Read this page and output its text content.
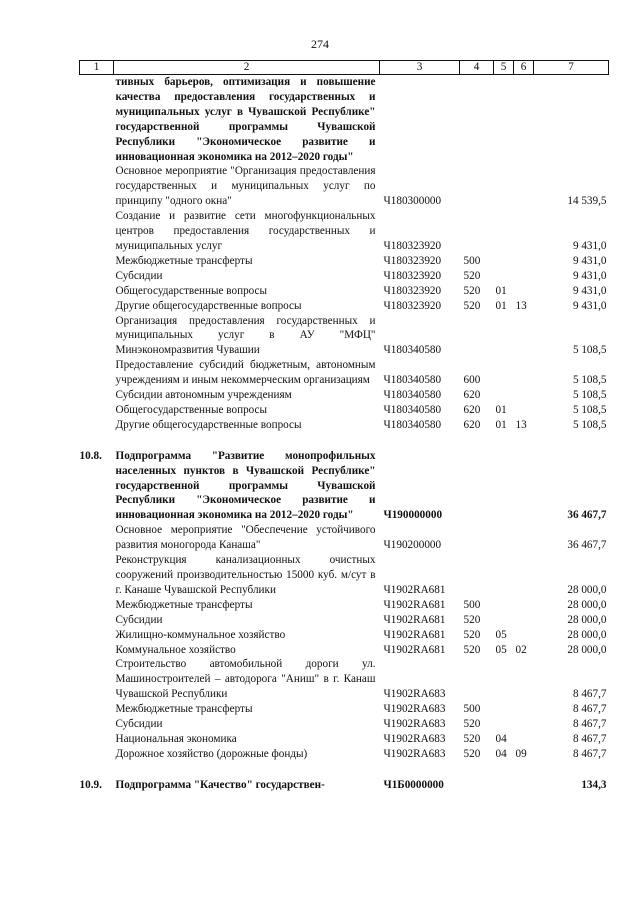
274
1	2	3	4	5	6	7
	тивных барьеров, оптимизация и повышение качества предоставления государственных и муниципальных услуг в Чувашской Республике" государственной программы Чувашской Республики "Экономическое развитие и инновационная экономика на 2012–2020 годы"					
	Основное мероприятие "Организация предоставления государственных и муниципальных услуг по принципу "одного окна"	Ч180300000				14 539,5
	Создание и развитие сети многофункциональных центров предоставления государственных и муниципальных услуг	Ч180323920				9 431,0
	Межбюджетные трансферты	Ч180323920	500			9 431,0
	Субсидии	Ч180323920	520			9 431,0
	Общегосударственные вопросы	Ч180323920	520	01		9 431,0
	Другие общегосударственные вопросы	Ч180323920	520	01	13	9 431,0
	Организация предоставления государственных и муниципальных услуг в АУ "МФЦ" Минэкономразвития Чувашии	Ч180340580				5 108,5
	Предоставление субсидий бюджетным, автономным учреждениям и иным некоммерческим организациям	Ч180340580	600			5 108,5
	Субсидии автономным учреждениям	Ч180340580	620			5 108,5
	Общегосударственные вопросы	Ч180340580	620	01		5 108,5
	Другие общегосударственные вопросы	Ч180340580	620	01	13	5 108,5

10.8.	Подпрограмма "Развитие монопрофильных населенных пунктов в Чувашской Республике" государственной программы Чувашской Республики "Экономическое развитие и инновационная экономика на 2012–2020 годы"	Ч190000000				36 467,7
	Основное мероприятие "Обеспечение устойчивого развития моногорода Канаша"	Ч190200000				36 467,7
	Реконструкция канализационных очистных сооружений производительностью 15000 куб. м/сут в г. Канаше Чувашской Республики	Ч1902RA681				28 000,0
	Межбюджетные трансферты	Ч1902RA681	500			28 000,0
	Субсидии	Ч1902RA681	520			28 000,0
	Жилищно-коммунальное хозяйство	Ч1902RA681	520	05		28 000,0
	Коммунальное хозяйство	Ч1902RA681	520	05	02	28 000,0
	Строительство автомобильной дороги ул. Машиностроителей – автодорога "Аниш" в г. Канаш Чувашской Республики	Ч1902RA683				8 467,7
	Межбюджетные трансферты	Ч1902RA683	500			8 467,7
	Субсидии	Ч1902RA683	520			8 467,7
	Национальная экономика	Ч1902RA683	520	04		8 467,7
	Дорожное хозяйство (дорожные фонды)	Ч1902RA683	520	04	09	8 467,7

10.9.	Подпрограмма "Качество" государствен-	Ч1Б0000000				134,3
